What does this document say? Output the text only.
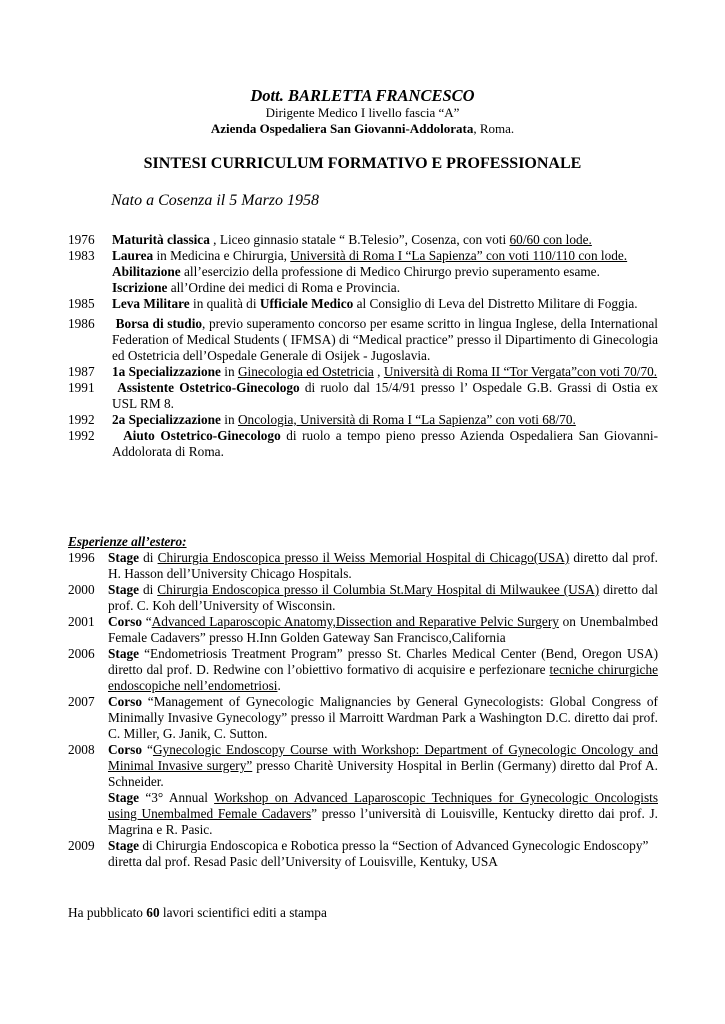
Dott. BARLETTA FRANCESCO
Dirigente Medico I livello fascia “A”
Azienda Ospedaliera San Giovanni-Addolorata, Roma.
SINTESI CURRICULUM FORMATIVO E PROFESSIONALE
Nato a Cosenza il 5 Marzo 1958
1976	Maturità classica , Liceo ginnasio statale “ B.Telesio”, Cosenza, con voti 60/60 con lode.
1983	Laurea in Medicina e Chirurgia, Università di Roma I “La Sapienza” con voti 110/110 con lode.
Abilitazione all’esercizio della professione di Medico Chirurgo previo superamento esame.
Iscrizione all’Ordine dei medici di Roma e Provincia.
1985	Leva Militare in qualità di Ufficiale Medico al Consiglio di Leva del Distretto Militare di Foggia.
1986	Borsa di studio, previo superamento concorso per esame scritto in lingua Inglese, della International Federation of Medical Students ( IFMSA) di “Medical practice” presso il Dipartimento di Ginecologia ed Ostetricia dell’Ospedale Generale di Osijek - Jugoslavia.
1987	1a Specializzazione in Ginecologia ed Ostetricia , Università di Roma II “Tor Vergata”con voti 70/70.
1991	Assistente Ostetrico-Ginecologo di ruolo dal 15/4/91 presso l’ Ospedale G.B. Grassi di Ostia ex USL RM 8.
1992	2a Specializzazione in Oncologia, Università di Roma I “La Sapienza” con voti 68/70.
1992	Aiuto Ostetrico-Ginecologo di ruolo a tempo pieno presso Azienda Ospedaliera San Giovanni-Addolorata di Roma.
Esperienze all’estero:
1996	Stage di Chirurgia Endoscopica presso il Weiss Memorial Hospital di Chicago(USA) diretto dal prof. H. Hasson dell’University Chicago Hospitals.
2000	Stage di Chirurgia Endoscopica presso il Columbia St.Mary Hospital di Milwaukee (USA) diretto dal prof. C. Koh dell’University of Wisconsin.
2001	Corso “Advanced Laparoscopic Anatomy,Dissection and Reparative Pelvic Surgery on Unembalmbed Female Cadavers” presso H.Inn Golden Gateway San Francisco,California
2006	Stage “Endometriosis Treatment Program” presso St. Charles Medical Center (Bend, Oregon USA) diretto dal prof. D. Redwine con l’obiettivo formativo di acquisire e perfezionare tecniche chirurgiche endoscopiche nell’endometriosi.
2007	Corso “Management of Gynecologic Malignancies by General Gynecologists: Global Congress of Minimally Invasive Gynecology” presso il Marroitt Wardman Park a Washington D.C. diretto dai prof. C. Miller, G. Janik, C. Sutton.
2008	Corso “Gynecologic Endoscopy Course with Workshop: Department of Gynecologic Oncology and Minimal Invasive surgery” presso Charitè University Hospital in Berlin (Germany) diretto dal Prof A. Schneider.
Stage “3° Annual Workshop on Advanced Laparoscopic Techniques for Gynecologic Oncologists using Unembalmed Female Cadavers” presso l’università di Louisville, Kentucky diretto dai prof. J. Magrina e R. Pasic.
2009	Stage di Chirurgia Endoscopica e Robotica presso la “Section of Advanced Gynecologic Endoscopy” diretta dal prof. Resad Pasic dell’University of Louisville, Kentuky, USA
Ha pubblicato 60 lavori scientifici editi a stampa
